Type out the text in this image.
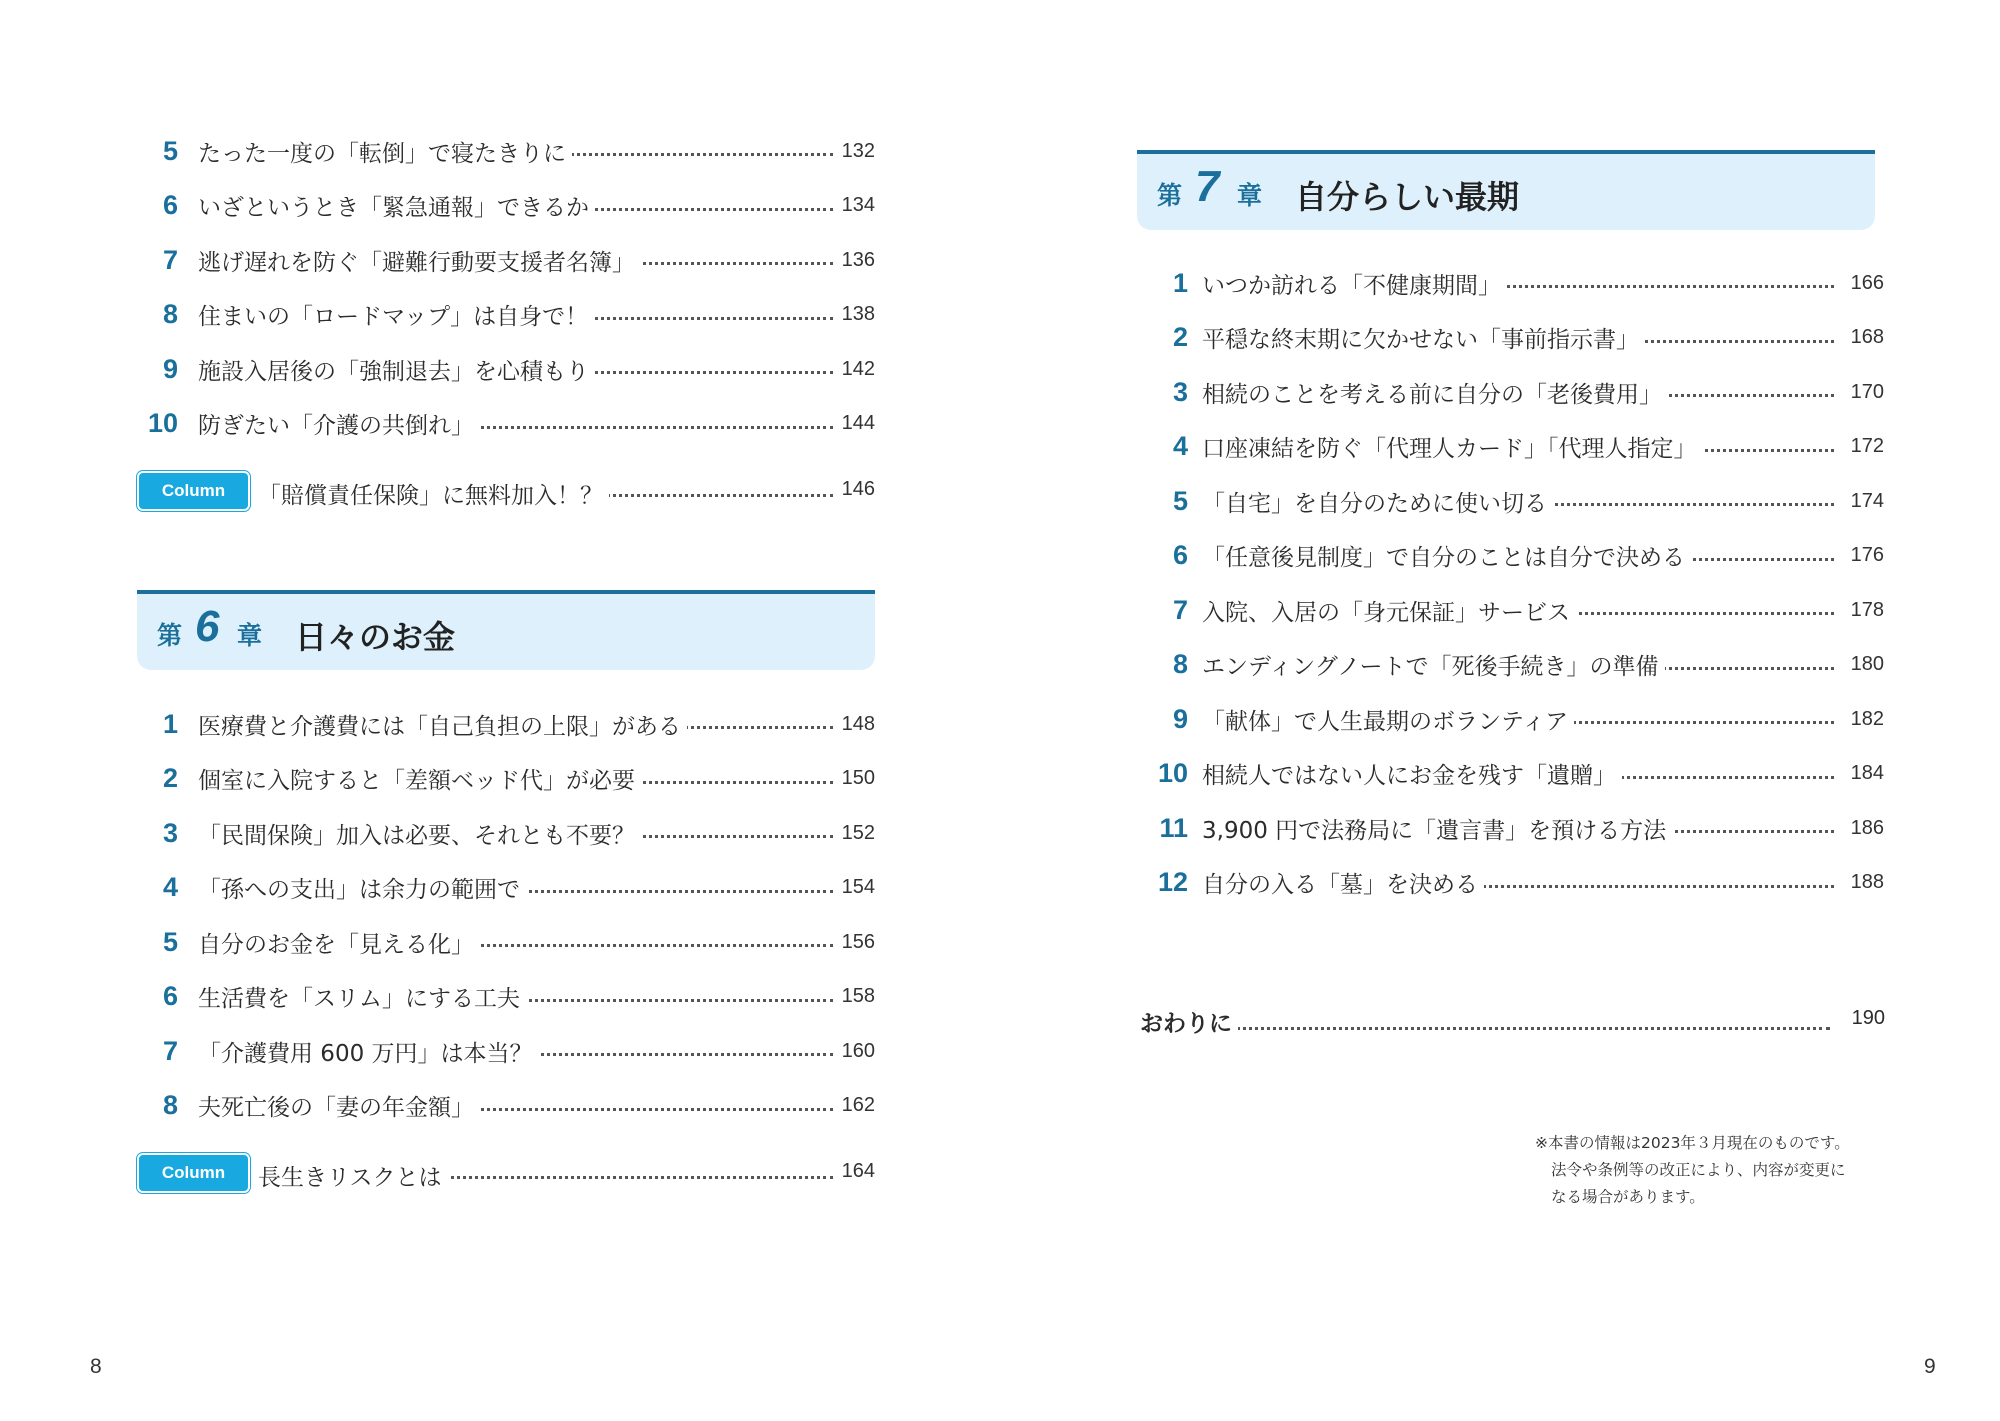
5 たった一度の「転倒」で寝たきりに	132
6 いざというとき「緊急通報」できるか	134
7 逃げ遅れを防ぐ「避難行動要支援者名簿」	136
8 住まいの「ロードマップ」は自身で！	138
9 施設入居後の「強制退去」を心積もり	142
10 防ぎたい「介護の共倒れ」	144
Column	「賠償責任保険」に無料加入！？	146
第 6 章 日々のお金
1 医療費と介護費には「自己負担の上限」がある	148
2 個室に入院すると「差額ベッド代」が必要	150
3 「民間保険」加入は必要、それとも不要？	152
4 「孫への支出」は余力の範囲で	154
5 自分のお金を「見える化」	156
6 生活費を「スリム」にする工夫	158
7 「介護費用 600 万円」は本当？	160
8 夫死亡後の「妻の年金額」	162
Column	長生きリスクとは	164
8
第 7 章 自分らしい最期
1 いつか訪れる「不健康期間」	166
2 平穏な終末期に欠かせない「事前指示書」	168
3 相続のことを考える前に自分の「老後費用」	170
4 口座凍結を防ぐ「代理人カード」「代理人指定」	172
5 「自宅」を自分のために使い切る	174
6 「任意後見制度」で自分のことは自分で決める	176
7 入院、入居の「身元保証」サービス	178
8 エンディングノートで「死後手続き」の準備	180
9 「献体」で人生最期のボランティア	182
10 相続人ではない人にお金を残す「遺贈」	184
11 3,900 円で法務局に「遺言書」を預ける方法	186
12 自分の入る「墓」を決める	188
おわりに	190
※本書の情報は2023年３月現在のものです。
法令や条例等の改正により、内容が変更に
なる場合があります。
9
